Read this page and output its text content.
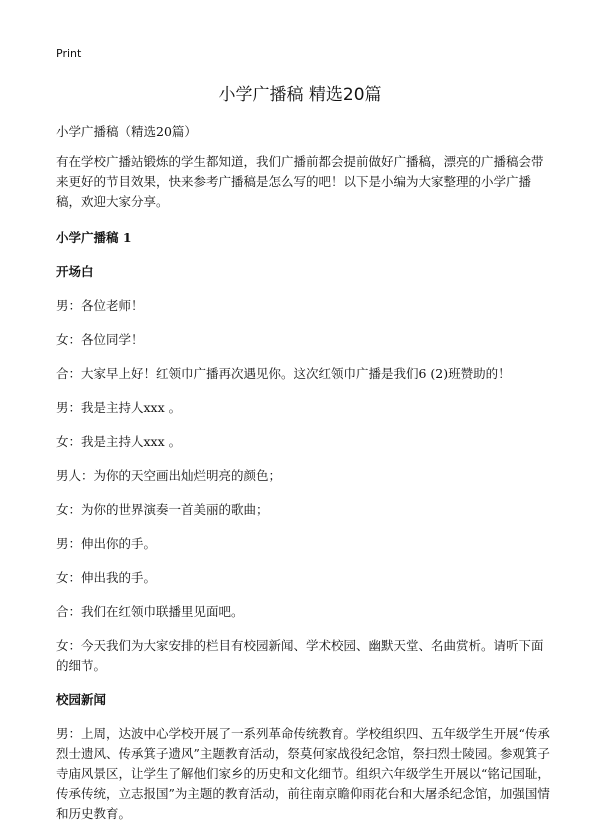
Print
小学广播稿 精选20篇

小学广播稿（精选20篇）

有在学校广播站锻炼的学生都知道，我们广播前都会提前做好广播稿，漂亮的广播稿会带来更好的节目效果，快来参考广播稿是怎么写的吧！以下是小编为大家整理的小学广播稿，欢迎大家分享。

小学广播稿 1

开场白

男：各位老师！

女：各位同学！

合：大家早上好！红领巾广播再次遇见你。这次红领巾广播是我们6 (2)班赞助的！

男：我是主持人xxx 。

女：我是主持人xxx 。

男人：为你的天空画出灿烂明亮的颜色；

女：为你的世界演奏一首美丽的歌曲；

男：伸出你的手。

女：伸出我的手。

合：我们在红领巾联播里见面吧。

女：今天我们为大家安排的栏目有校园新闻、学术校园、幽默天堂、名曲赏析。请听下面的细节。

校园新闻

男：上周，达波中心学校开展了一系列革命传统教育。学校组织四、五年级学生开展“传承烈士遗风、传承箕子遗风”主题教育活动，祭莫何家战役纪念馆，祭扫烈士陵园。参观箕子寺庙风景区，让学生了解他们家乡的历史和文化细节。组织六年级学生开展以“铭记国耻，传承传统，立志报国”为主题的教育活动，前往南京瞻仰雨花台和大屠杀纪念馆，加强国情和历史教育。
